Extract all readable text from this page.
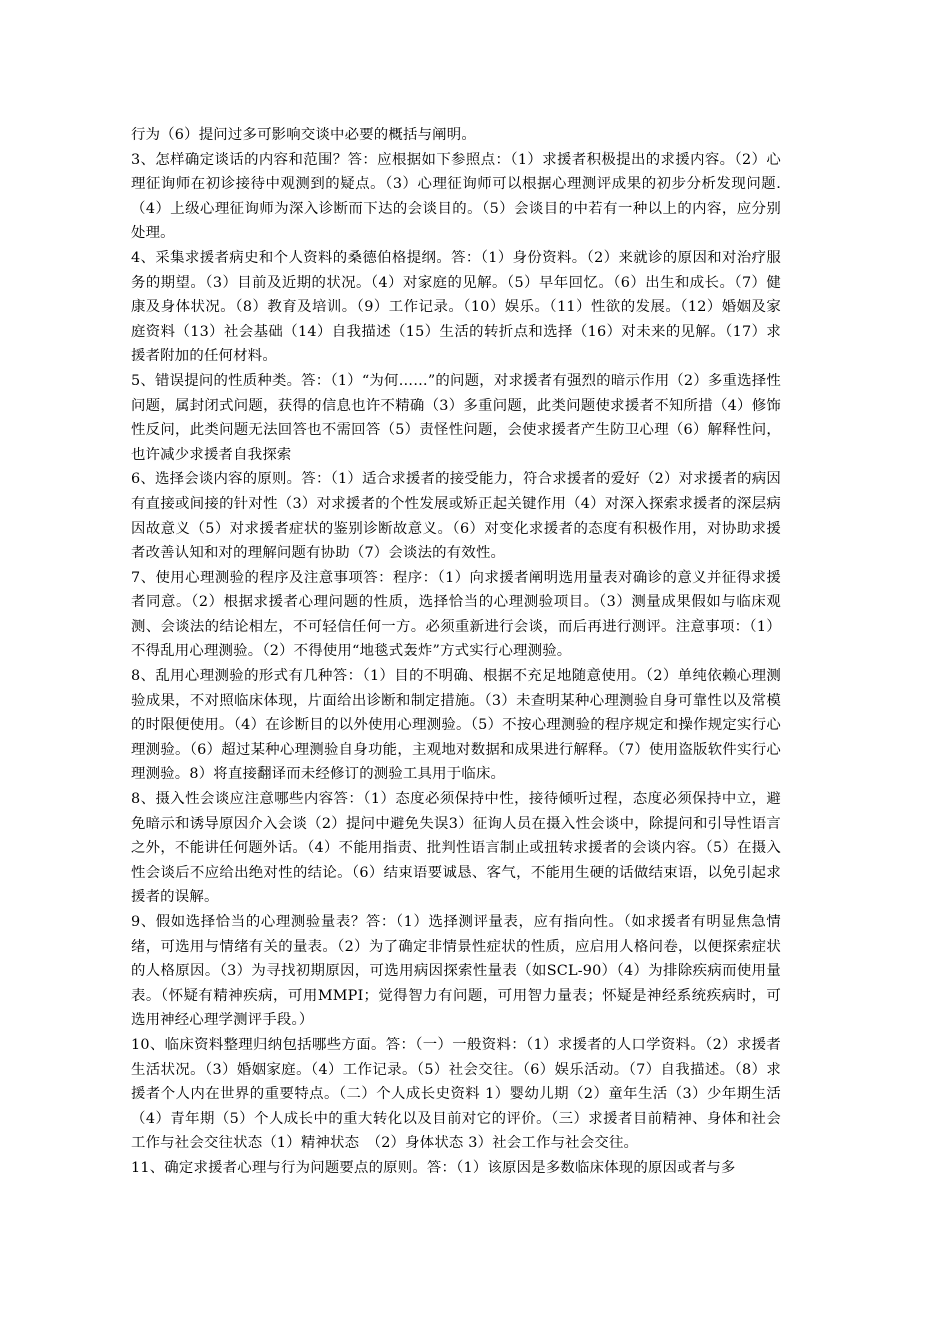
行为（6）提问过多可影响交谈中必要的概括与阐明。

3、怎样确定谈话的内容和范围？答：应根据如下参照点：（1）求援者积极提出的求援内容。（2）心理征询师在初诊接待中观测到的疑点。（3）心理征询师可以根据心理测评成果的初步分析发现问题.（4）上级心理征询师为深入诊断而下达的会谈目的。（5）会谈目的中若有一种以上的内容，应分别处理。

4、采集求援者病史和个人资料的桑德伯格提纲。答：（1）身份资料。（2）来就诊的原因和对治疗服务的期望。（3）目前及近期的状况。（4）对家庭的见解。（5）早年回忆。（6）出生和成长。（7）健康及身体状况。（8）教育及培训。（9）工作记录。（10）娱乐。（11）性欲的发展。（12）婚姻及家庭资料（13）社会基础（14）自我描述（15）生活的转折点和选择（16）对未来的见解。（17）求援者附加的任何材料。

5、错误提问的性质种类。答：（1）“为何……”的问题，对求援者有强烈的暗示作用（2）多重选择性问题，属封闭式问题，获得的信息也许不精确（3）多重问题，此类问题使求援者不知所措（4）修饰性反问，此类问题无法回答也不需回答（5）责怪性问题，会使求援者产生防卫心理（6）解释性问，也许减少求援者自我探索

6、选择会谈内容的原则。答：（1）适合求援者的接受能力，符合求援者的爱好（2）对求援者的病因有直接或间接的针对性（3）对求援者的个性发展或矫正起关键作用（4）对深入探索求援者的深层病因故意义（5）对求援者症状的鉴别诊断故意义。（6）对变化求援者的态度有积极作用，对协助求援者改善认知和对的理解问题有协助（7）会谈法的有效性。

7、使用心理测验的程序及注意事项答：程序：（1）向求援者阐明选用量表对确诊的意义并征得求援者同意。（2）根据求援者心理问题的性质，选择恰当的心理测验项目。（3）测量成果假如与临床观测、会谈法的结论相左，不可轻信任何一方。必须重新进行会谈，而后再进行测评。注意事项：（1）不得乱用心理测验。（2）不得使用“地毯式轰炸”方式实行心理测验。

8、乱用心理测验的形式有几种答：（1）目的不明确、根据不充足地随意使用。（2）单纯依赖心理测验成果，不对照临床体现，片面给出诊断和制定措施。（3）未查明某种心理测验自身可靠性以及常模的时限便使用。（4）在诊断目的以外使用心理测验。（5）不按心理测验的程序规定和操作规定实行心理测验。（6）超过某种心理测验自身功能，主观地对数据和成果进行解释。（7）使用盗版软件实行心理测验。8）将直接翻译而未经修订的测验工具用于临床。

8、摄入性会谈应注意哪些内容答：（1）态度必须保持中性，接待倾听过程，态度必须保持中立，避免暗示和诱导原因介入会谈（2）提问中避免失误3）征询人员在摄入性会谈中，除提问和引导性语言之外，不能讲任何题外话。（4）不能用指责、批判性语言制止或扭转求援者的会谈内容。（5）在摄入性会谈后不应给出绝对性的结论。（6）结束语要诚恳、客气，不能用生硬的话做结束语，以免引起求援者的误解。

9、假如选择恰当的心理测验量表？答：（1）选择测评量表，应有指向性。（如求援者有明显焦急情绪，可选用与情绪有关的量表。（2）为了确定非情景性症状的性质，应启用人格问卷，以便探索症状的人格原因。（3）为寻找初期原因，可选用病因探索性量表（如SCL-90）（4）为排除疾病而使用量表。（怀疑有精神疾病，可用MMPI；觉得智力有问题，可用智力量表；怀疑是神经系统疾病时，可选用神经心理学测评手段。）

10、临床资料整理归纳包括哪些方面。答：（一）一般资料：（1）求援者的人口学资料。（2）求援者生活状况。（3）婚姻家庭。（4）工作记录。（5）社会交往。（6）娱乐活动。（7）自我描述。（8）求援者个人内在世界的重要特点。（二）个人成长史资料 1）婴幼儿期（2）童年生活（3）少年期生活（4）青年期（5）个人成长中的重大转化以及目前对它的评价。（三）求援者目前精神、身体和社会工作与社会交往状态（1）精神状态　（2）身体状态 3）社会工作与社会交往。

11、确定求援者心理与行为问题要点的原则。答：（1）该原因是多数临床体现的原因或者与多
